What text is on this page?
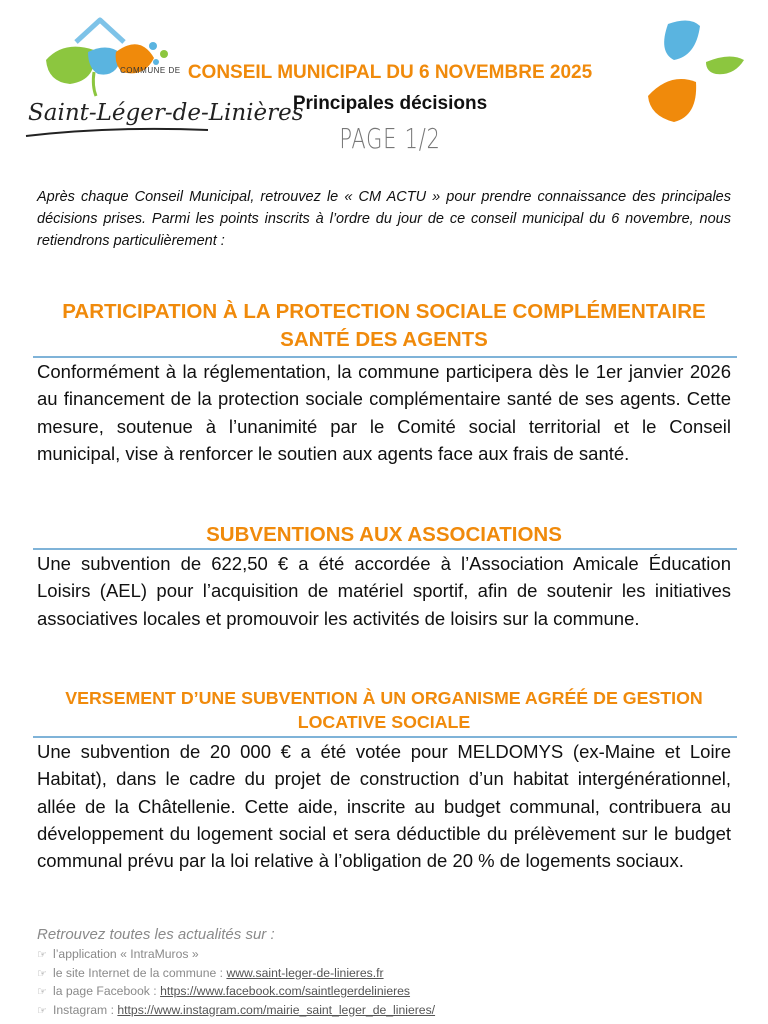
COMMUNE DE
Saint-Léger-de-Linières
CONSEIL MUNICIPAL DU 6 NOVEMBRE 2025
Principales décisions
PAGE 1/2
Après chaque Conseil Municipal, retrouvez le « CM ACTU » pour prendre connaissance des principales décisions prises. Parmi les points inscrits à l’ordre du jour de ce conseil municipal du 6 novembre, nous retiendrons particulièrement :
PARTICIPATION À LA PROTECTION SOCIALE COMPLÉMENTAIRE
SANTÉ DES AGENTS
Conformément à la réglementation, la commune participera dès le 1er janvier 2026 au financement de la protection sociale complémentaire santé de ses agents. Cette mesure, soutenue à l’unanimité par le Comité social territorial et le Conseil municipal, vise à renforcer le soutien aux agents face aux frais de santé.
SUBVENTIONS AUX ASSOCIATIONS
Une subvention de 622,50 € a été accordée à l’Association Amicale Éducation Loisirs (AEL) pour l’acquisition de matériel sportif, afin de soutenir les initiatives associatives locales et promouvoir les activités de loisirs sur la commune.
VERSEMENT D’UNE SUBVENTION À UN ORGANISME AGRÉÉ DE GESTION
LOCATIVE SOCIALE
Une subvention de 20 000 € a été votée pour MELDOMYS (ex-Maine et Loire Habitat), dans le cadre du projet de construction d’un habitat intergénérationnel, allée de la Châtellenie. Cette aide, inscrite au budget communal, contribuera au développement du logement social et sera déductible du prélèvement sur le budget communal prévu par la loi relative à l’obligation de 20 % de logements sociaux.
Retrouvez toutes les actualités sur :
☞ l’application « IntraMuros »
☞ le site Internet de la commune : www.saint-leger-de-linieres.fr
☞ la page Facebook : https://www.facebook.com/saintlegerdelinieres
☞ Instagram : https://www.instagram.com/mairie_saint_leger_de_linieres/
